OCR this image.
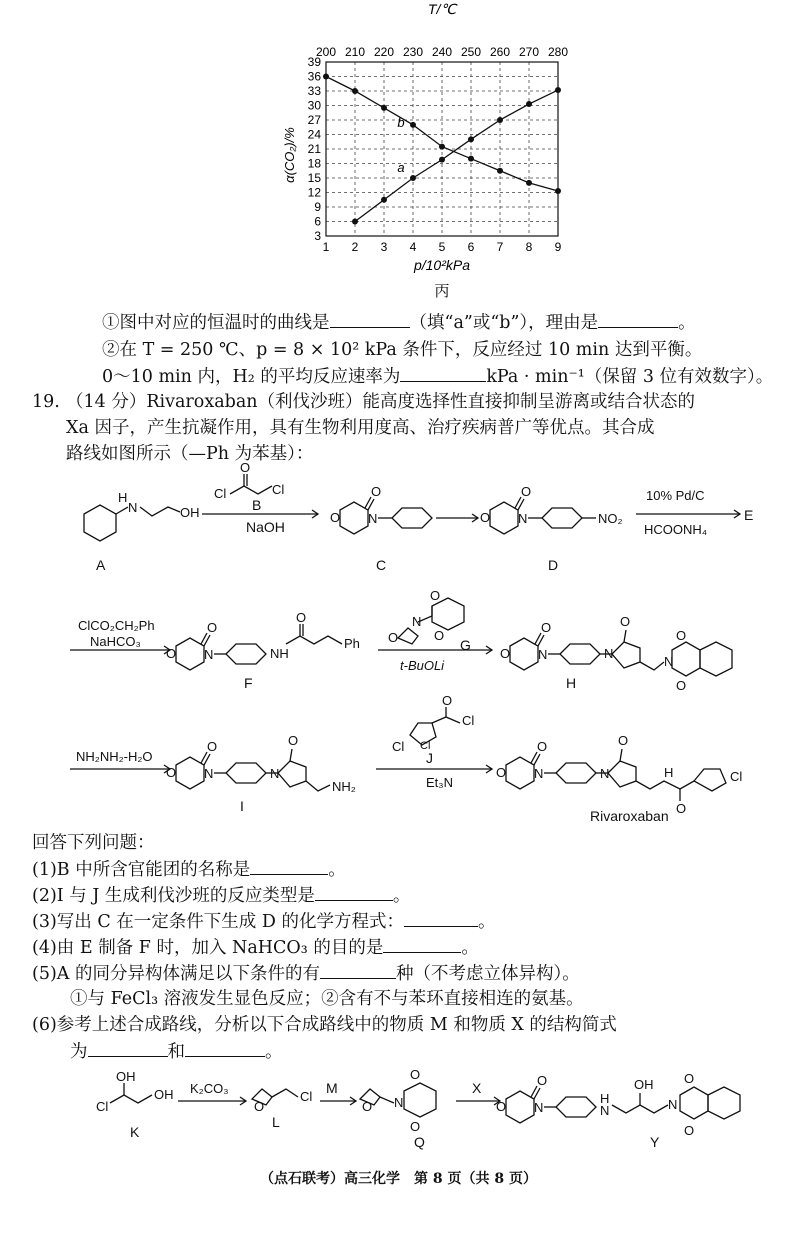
T/℃
200 210 220 230 240 250 260 270 280
3
6
9
12
15
18
21
24
27
30
33
36
39
1 2 3 4 5 6 7 8 9
α(CO₂)/%
p/10²kPa
丙
a
b
①图中对应的恒温时的曲线是	（填“a”或“b”），理由是	。
②在 T = 250 ℃、p = 8 × 10² kPa 条件下，反应经过 10 min 达到平衡。
0～10 min 内，H₂ 的平均反应速率为	kPa · min⁻¹（保留 3 位有效数字）。
19. （14 分）Rivaroxaban（利伐沙班）能高度选择性直接抑制呈游离或结合状态的
Xa 因子，产生抗凝作用，具有生物利用度高、治疗疾病普广等优点。其合成
路线如图所示（—Ph 为苯基）：
H
N	OH
A
Cl	Cl
O
B
NaOH
O N
O
C
O N
O
NO₂
D
10% Pd/C
HCOONH₄
E
ClCO₂CH₂Ph
NaHCO₃
O N
O
NH
O
Ph
F
O
N
O
O
G
t-BuOLi
O N
O	O
N
N
O
O
H
NH₂NH₂-H₂O
O N
O	O
N
NH₂
I
Cl Cl
Cl
O
J
Et₃N
O N
O	O
N	H
O
Cl
Rivaroxaban
回答下列问题：
(1)B 中所含官能团的名称是	。
(2)I 与 J 生成利伐沙班的反应类型是	。
(3)写出 C 在一定条件下生成 D 的化学方程式：	。
(4)由 E 制备 F 时，加入 NaHCO₃ 的目的是	。
(5)A 的同分异构体满足以下条件的有	种（不考虑立体异构）。
①与 FeCl₃ 溶液发生显色反应；②含有不与苯环直接相连的氨基。
(6)参考上述合成路线，分析以下合成路线中的物质 M 和物质 X 的结构简式
为	和	。
Cl
OH
OH
K
K₂CO₃
O
Cl
L
M
O N
O
O
Q
X
O N
O
H
N
OH
N
O
O
Y
（点石联考）高三化学　第 8 页（共 8 页）
